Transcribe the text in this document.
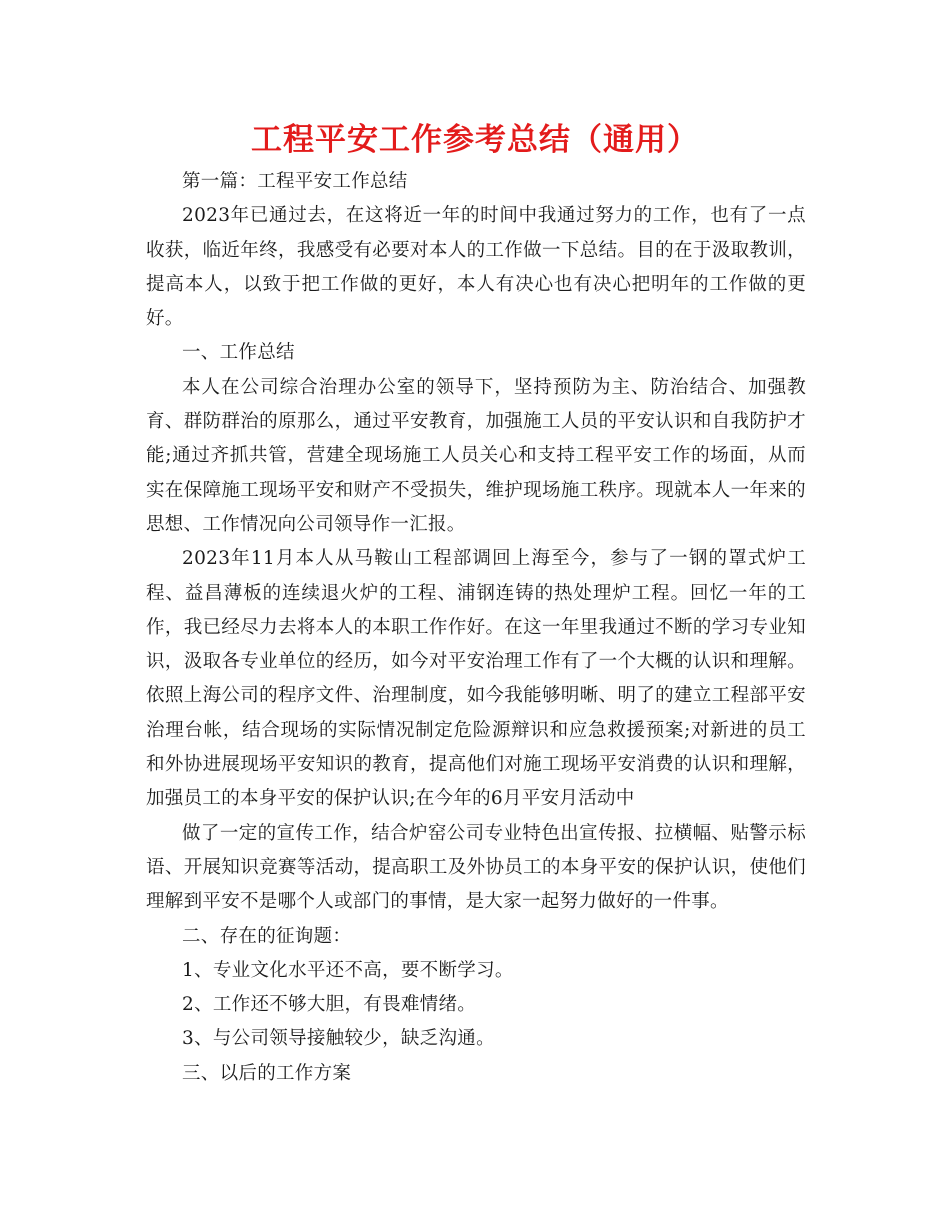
工程平安工作参考总结（通用）

第一篇：工程平安工作总结

2023年已通过去，在这将近一年的时间中我通过努力的工作，也有了一点收获，临近年终，我感受有必要对本人的工作做一下总结。目的在于汲取教训，提高本人，以致于把工作做的更好，本人有决心也有决心把明年的工作做的更好。

一、工作总结

本人在公司综合治理办公室的领导下，坚持预防为主、防治结合、加强教育、群防群治的原那么，通过平安教育，加强施工人员的平安认识和自我防护才能;通过齐抓共管，营建全现场施工人员关心和支持工程平安工作的场面，从而实在保障施工现场平安和财产不受损失，维护现场施工秩序。现就本人一年来的思想、工作情况向公司领导作一汇报。

2023年11月本人从马鞍山工程部调回上海至今，参与了一钢的罩式炉工程、益昌薄板的连续退火炉的工程、浦钢连铸的热处理炉工程。回忆一年的工作，我已经尽力去将本人的本职工作作好。在这一年里我通过不断的学习专业知识，汲取各专业单位的经历，如今对平安治理工作有了一个大概的认识和理解。依照上海公司的程序文件、治理制度，如今我能够明晰、明了的建立工程部平安治理台帐，结合现场的实际情况制定危险源辩识和应急救援预案;对新进的员工和外协进展现场平安知识的教育，提高他们对施工现场平安消费的认识和理解，加强员工的本身平安的保护认识;在今年的6月平安月活动中

做了一定的宣传工作，结合炉窑公司专业特色出宣传报、拉横幅、贴警示标语、开展知识竞赛等活动，提高职工及外协员工的本身平安的保护认识，使他们理解到平安不是哪个人或部门的事情，是大家一起努力做好的一件事。

二、存在的征询题：

1、专业文化水平还不高，要不断学习。

2、工作还不够大胆，有畏难情绪。

3、与公司领导接触较少，缺乏沟通。

三、以后的工作方案
